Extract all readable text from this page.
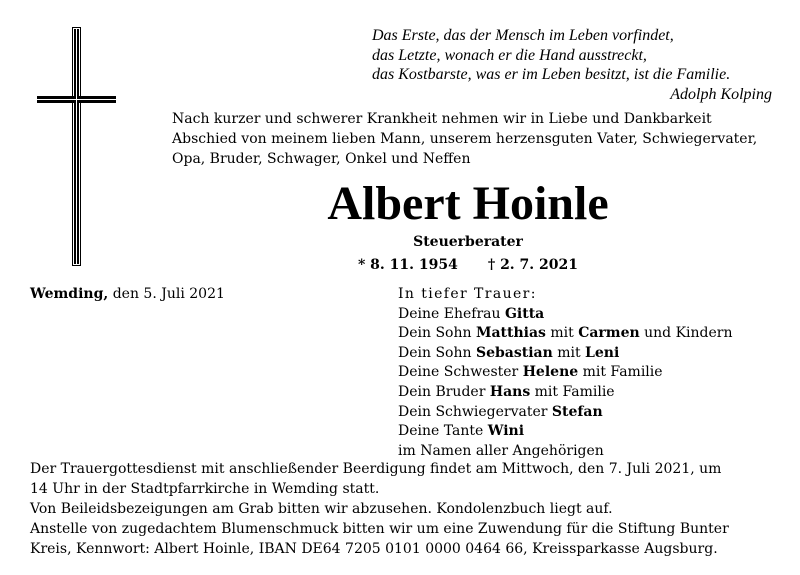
Das Erste, das der Mensch im Leben vorfindet,
das Letzte, wonach er die Hand ausstreckt,
das Kostbarste, was er im Leben besitzt, ist die Familie.
Adolph Kolping
Nach kurzer und schwerer Krankheit nehmen wir in Liebe und Dankbarkeit
Abschied von meinem lieben Mann, unserem herzensguten Vater, Schwiegervater,
Opa, Bruder, Schwager, Onkel und Neffen
Albert Hoinle
Steuerberater
* 8. 11. 1954 † 2. 7. 2021
Wemding, den 5. Juli 2021	In tiefer Trauer:
Deine Ehefrau Gitta
Dein Sohn Matthias mit Carmen und Kindern
Dein Sohn Sebastian mit Leni
Deine Schwester Helene mit Familie
Dein Bruder Hans mit Familie
Dein Schwiegervater Stefan
Deine Tante Wini
im Namen aller Angehörigen
Der Trauergottesdienst mit anschließender Beerdigung findet am Mittwoch, den 7. Juli 2021, um
14 Uhr in der Stadtpfarrkirche in Wemding statt.
Von Beileidsbezeigungen am Grab bitten wir abzusehen. Kondolenzbuch liegt auf.
Anstelle von zugedachtem Blumenschmuck bitten wir um eine Zuwendung für die Stiftung Bunter
Kreis, Kennwort: Albert Hoinle, IBAN DE64 7205 0101 0000 0464 66, Kreissparkasse Augsburg.
